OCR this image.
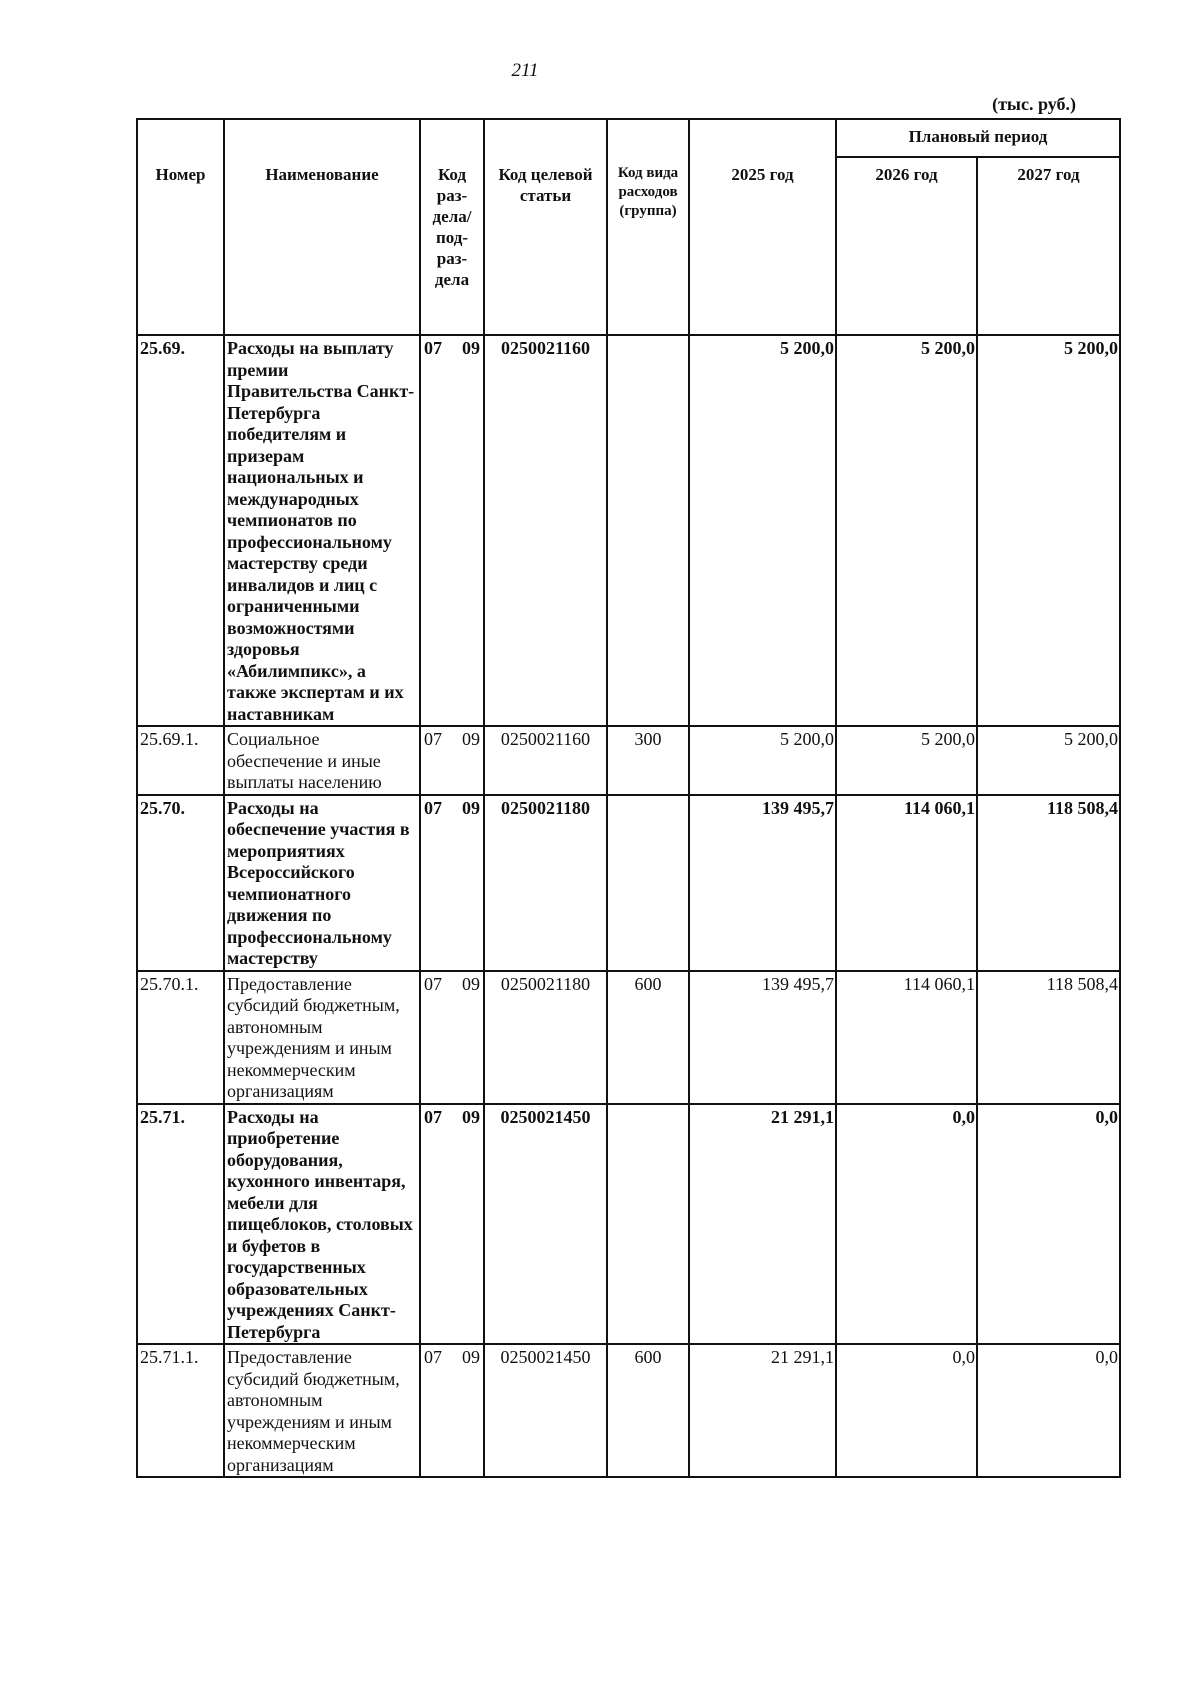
211
(тыс. руб.)
Номер	Наименование	Код раз-дела/ под-раз-дела	Код целевой статьи	Код вида расходов (группа)	2025 год	Плановый период	
						2026 год	2027 год
25.69.	Расходы на выплату премии Правительства Санкт-Петербурга победителям и призерам национальных и международных чемпионатов по профессиональному мастерству среди инвалидов и лиц с ограниченными возможностями здоровья «Абилимпикс», а также экспертам и их наставникам	07 09	0250021160		5 200,0	5 200,0	5 200,0
25.69.1.	Социальное обеспечение и иные выплаты населению	07 09	0250021160	300	5 200,0	5 200,0	5 200,0
25.70.	Расходы на обеспечение участия в мероприятиях Всероссийского чемпионатного движения по профессиональному мастерству	07 09	0250021180		139 495,7	114 060,1	118 508,4
25.70.1.	Предоставление субсидий бюджетным, автономным учреждениям и иным некоммерческим организациям	07 09	0250021180	600	139 495,7	114 060,1	118 508,4
25.71.	Расходы на приобретение оборудования, кухонного инвентаря, мебели для пищеблоков, столовых и буфетов в государственных образовательных учреждениях Санкт-Петербурга	07 09	0250021450		21 291,1	0,0	0,0
25.71.1.	Предоставление субсидий бюджетным, автономным учреждениям и иным некоммерческим организациям	07 09	0250021450	600	21 291,1	0,0	0,0
